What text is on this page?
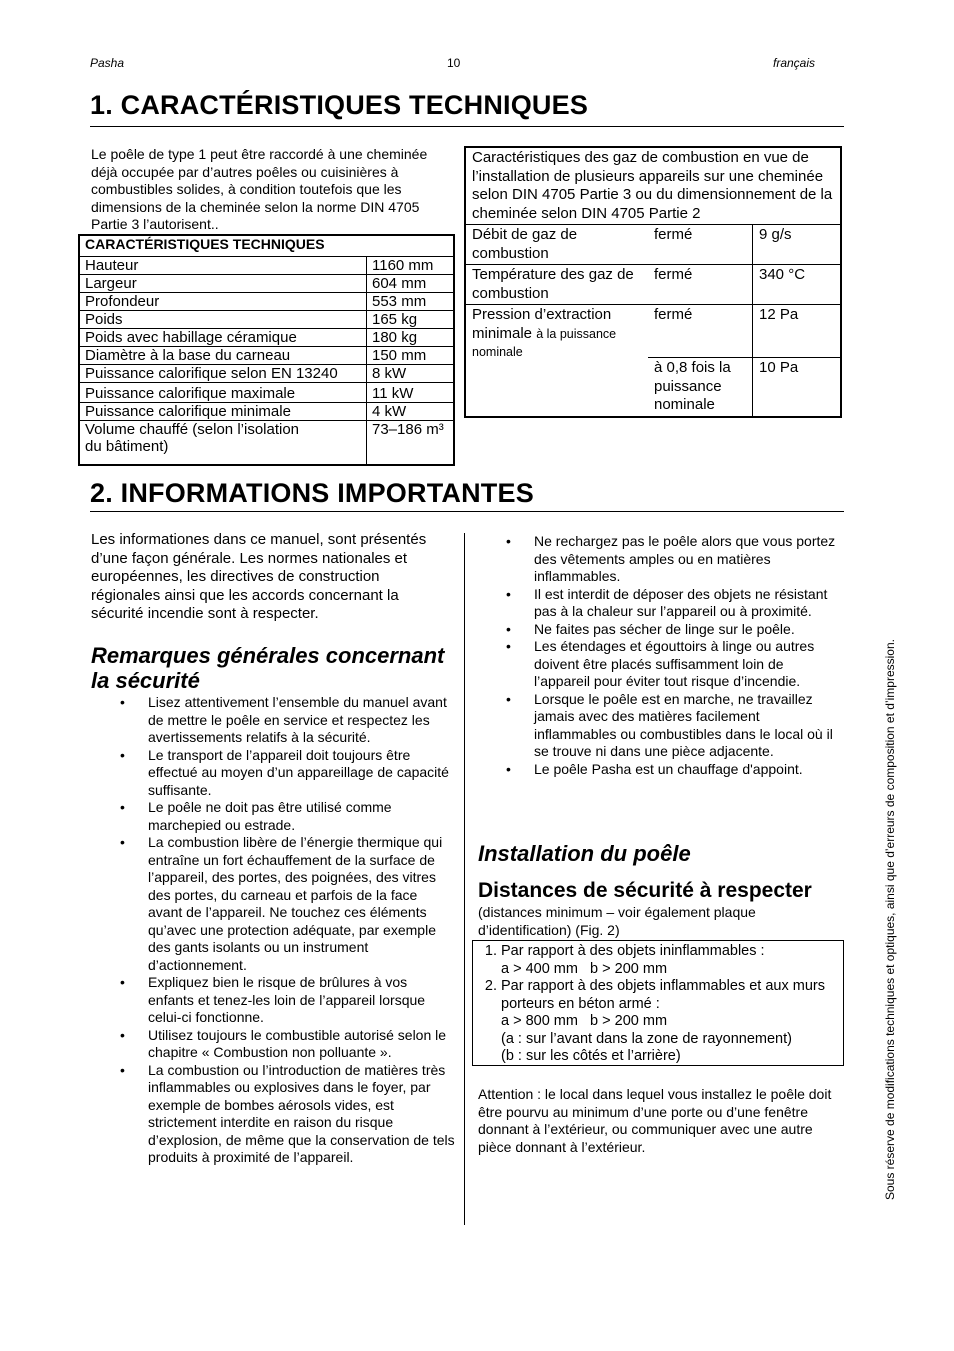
Pasha	10	français
1. CARACTÉRISTIQUES TECHNIQUES
Le poêle de type 1 peut être raccordé à une cheminée déjà occupée par d’autres poêles ou cuisinières à combustibles solides, à condition toutefois que les dimensions de la cheminée selon la norme DIN 4705 Partie 3 l’autorisent..
CARACTÉRISTIQUES TECHNIQUES	
Hauteur	1160 mm
Largeur	604 mm
Profondeur	553 mm
Poids	165 kg
Poids avec habillage céramique	180 kg
Diamètre à la base du carneau	150 mm
Puissance calorifique selon EN 13240	8 kW
Puissance calorifique maximale	11 kW
Puissance calorifique minimale	4 kW
Volume chauffé (selon l’isolation du bâtiment)	73–186 m³
Caractéristiques des gaz de combustion en vue de l’installation de plusieurs appareils sur une cheminée selon DIN 4705 Partie 3 ou du dimensionnement de la cheminée selon DIN 4705 Partie 2		
Débit de gaz de combustion	fermé	9 g/s
Température des gaz de combustion	fermé	340 °C
Pression d’extraction minimale à la puissance nominale	fermé	12 Pa
	à 0,8 fois la puissance nominale	10 Pa
2. INFORMATIONS IMPORTANTES
Les informationes dans ce manuel, sont présentés d’une façon générale. Les normes nationales et européennes, les directives de construction régionales ainsi que les accords concernant la sécurité incendie sont à respecter.
Remarques générales concernant la sécurité
• Lisez attentivement l’ensemble du manuel avant de mettre le poêle en service et respectez les avertissements relatifs à la sécurité.
• Le transport de l’appareil doit toujours être effectué au moyen d’un appareillage de capacité suffisante.
• Le poêle ne doit pas être utilisé comme marchepied ou estrade.
• La combustion libère de l’énergie thermique qui entraîne un fort échauffement de la surface de l’appareil, des portes, des poignées, des vitres des portes, du carneau et parfois de la face avant de l’appareil. Ne touchez ces éléments qu’avec une protection adéquate, par exemple des gants isolants ou un instrument d’actionnement.
• Expliquez bien le risque de brûlures à vos enfants et tenez-les loin de l’appareil lorsque celui-ci fonctionne.
• Utilisez toujours le combustible autorisé selon le chapitre « Combustion non polluante ».
• La combustion ou l’introduction de matières très inflammables ou explosives dans le foyer, par exemple de bombes aérosols vides, est strictement interdite en raison du risque d’explosion, de même que la conservation de tels produits à proximité de l’appareil.
• Ne rechargez pas le poêle alors que vous portez des vêtements amples ou en matières inflammables.
• Il est interdit de déposer des objets ne résistant pas à la chaleur sur l’appareil ou à proximité.
• Ne faites pas sécher de linge sur le poêle.
• Les étendages et égouttoirs à linge ou autres doivent être placés suffisamment loin de l’appareil pour éviter tout risque d’incendie.
• Lorsque le poêle est en marche, ne travaillez jamais avec des matières facilement inflammables ou combustibles dans le local où il se trouve ni dans une pièce adjacente.
• Le poêle Pasha est un chauffage d'appoint.
Installation du poêle
Distances de sécurité à respecter
(distances minimum – voir également plaque d’identification) (Fig. 2)
1. Par rapport à des objets ininflammables :
a > 400 mm   b > 200 mm
2. Par rapport à des objets inflammables et aux murs porteurs en béton armé :
a > 800 mm   b > 200 mm
(a : sur l’avant dans la zone de rayonnement)
(b : sur les côtés et l’arrière)
Attention : le local dans lequel vous installez le poêle doit être pourvu au minimum d’une porte ou d’une fenêtre donnant à l’extérieur, ou communiquer avec une autre pièce donnant à l’extérieur.	Sous réserve de modifications techniques et optiques, ainsi que d’erreurs de composition et d’impression.
